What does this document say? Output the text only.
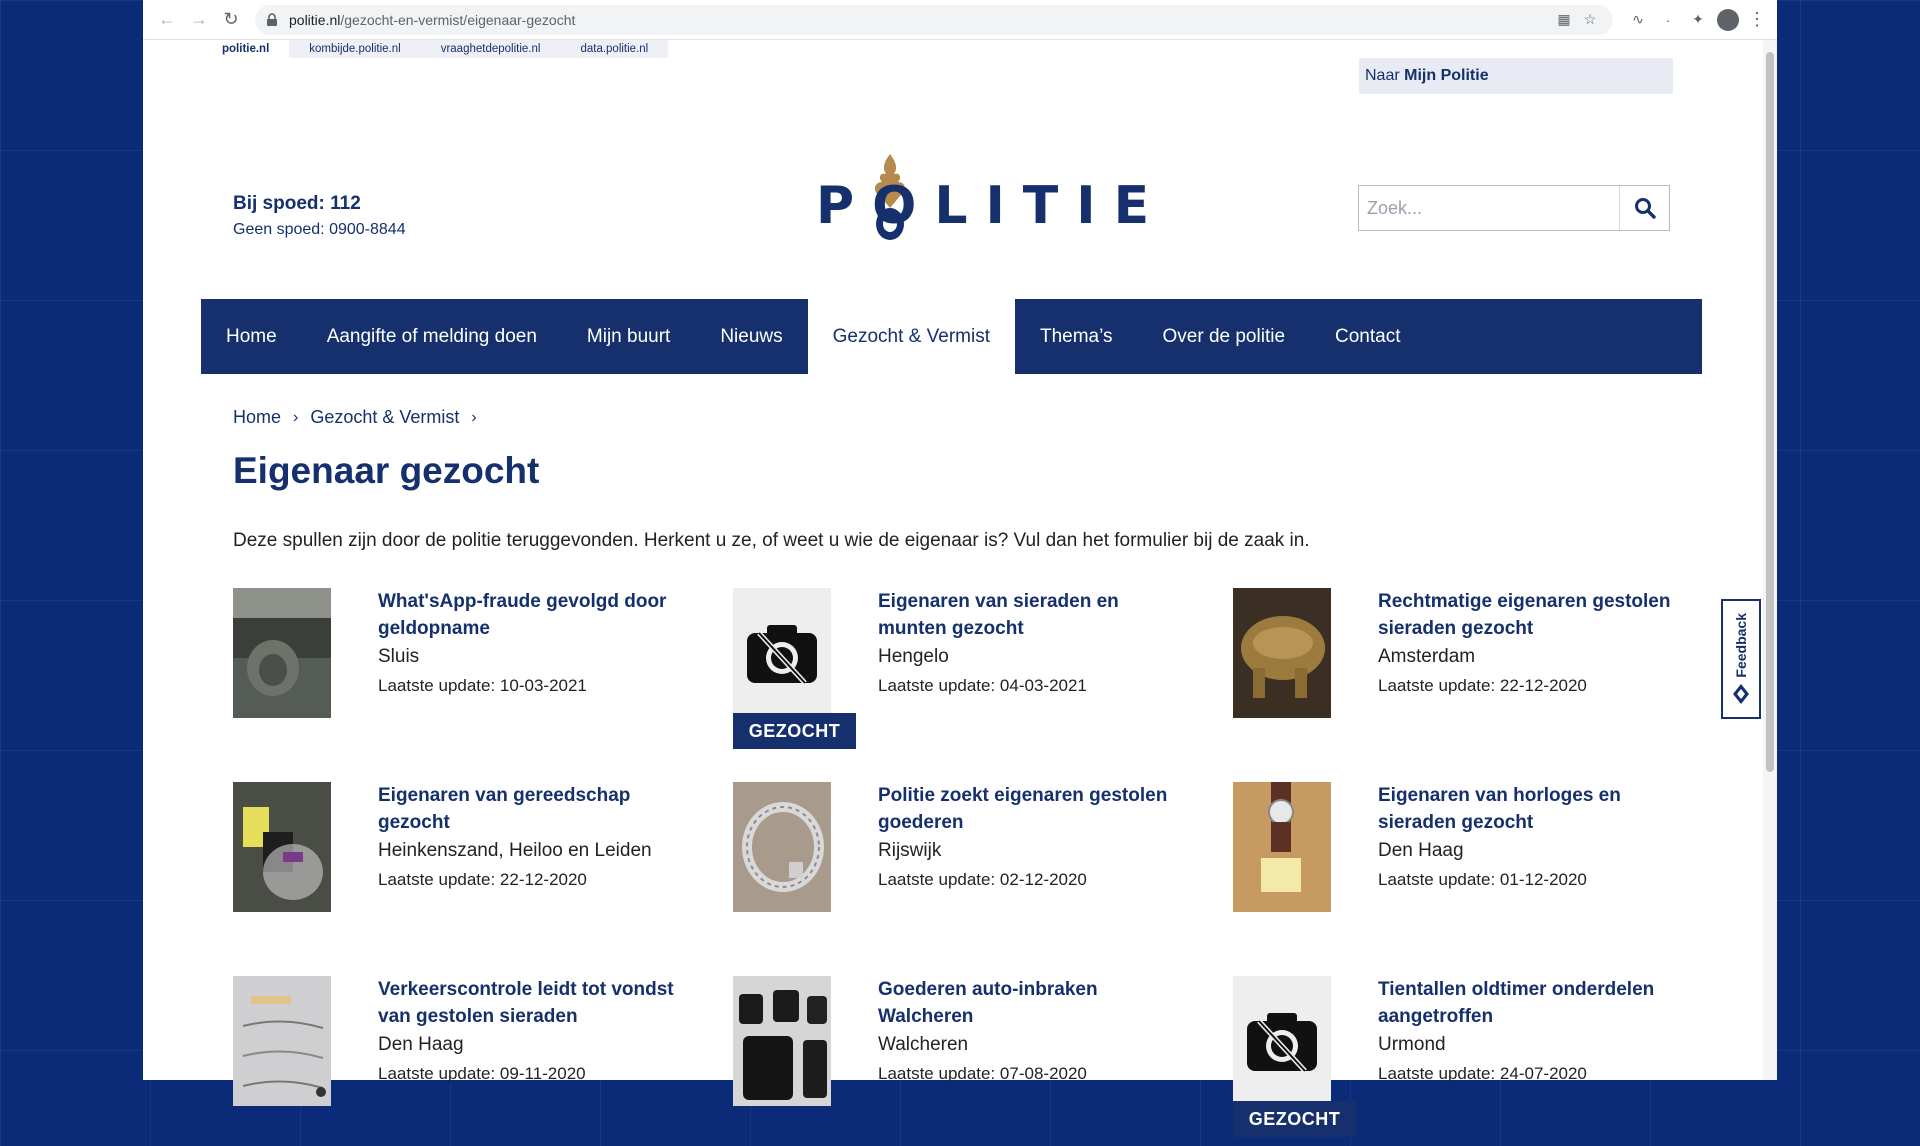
← → ↻	politie.nl /gezocht-en-vermist/eigenaar-gezocht	▦ ☆	∿	·	✦	⋮
politie.nl	kombijde.politie.nl	vraaghetdepolitie.nl	data.politie.nl
Naar Mijn Politie
Bij spoed: 112
Geen spoed: 0900-8844	POLITIE
Zoek...
Home	Aangifte of melding doen	Mijn buurt	Nieuws	Gezocht & Vermist	Thema’s	Over de politie	Contact
Home › Gezocht & Vermist ›
Eigenaar gezocht

Deze spullen zijn door de politie teruggevonden. Herkent u ze, of weet u wie de eigenaar is? Vul dan het formulier bij de zaak in.

What'sApp-fraude gevolgd door geldopname
Sluis
Laatste update: 10-03-2021
GEZOCHT
Eigenaren van sieraden en munten gezocht
Hengelo
Laatste update: 04-03-2021
Rechtmatige eigenaren gestolen sieraden gezocht
Amsterdam
Laatste update: 22-12-2020
Eigenaren van gereedschap gezocht
Heinkenszand, Heiloo en Leiden
Laatste update: 22-12-2020
Politie zoekt eigenaren gestolen goederen
Rijswijk
Laatste update: 02-12-2020
Eigenaren van horloges en sieraden gezocht
Den Haag
Laatste update: 01-12-2020
Verkeerscontrole leidt tot vondst van gestolen sieraden
Den Haag
Laatste update: 09-11-2020
Goederen auto-inbraken Walcheren
Walcheren
Laatste update: 07-08-2020
GEZOCHT
Tientallen oldtimer onderdelen aangetroffen
Urmond
Laatste update: 24-07-2020
Feedback
